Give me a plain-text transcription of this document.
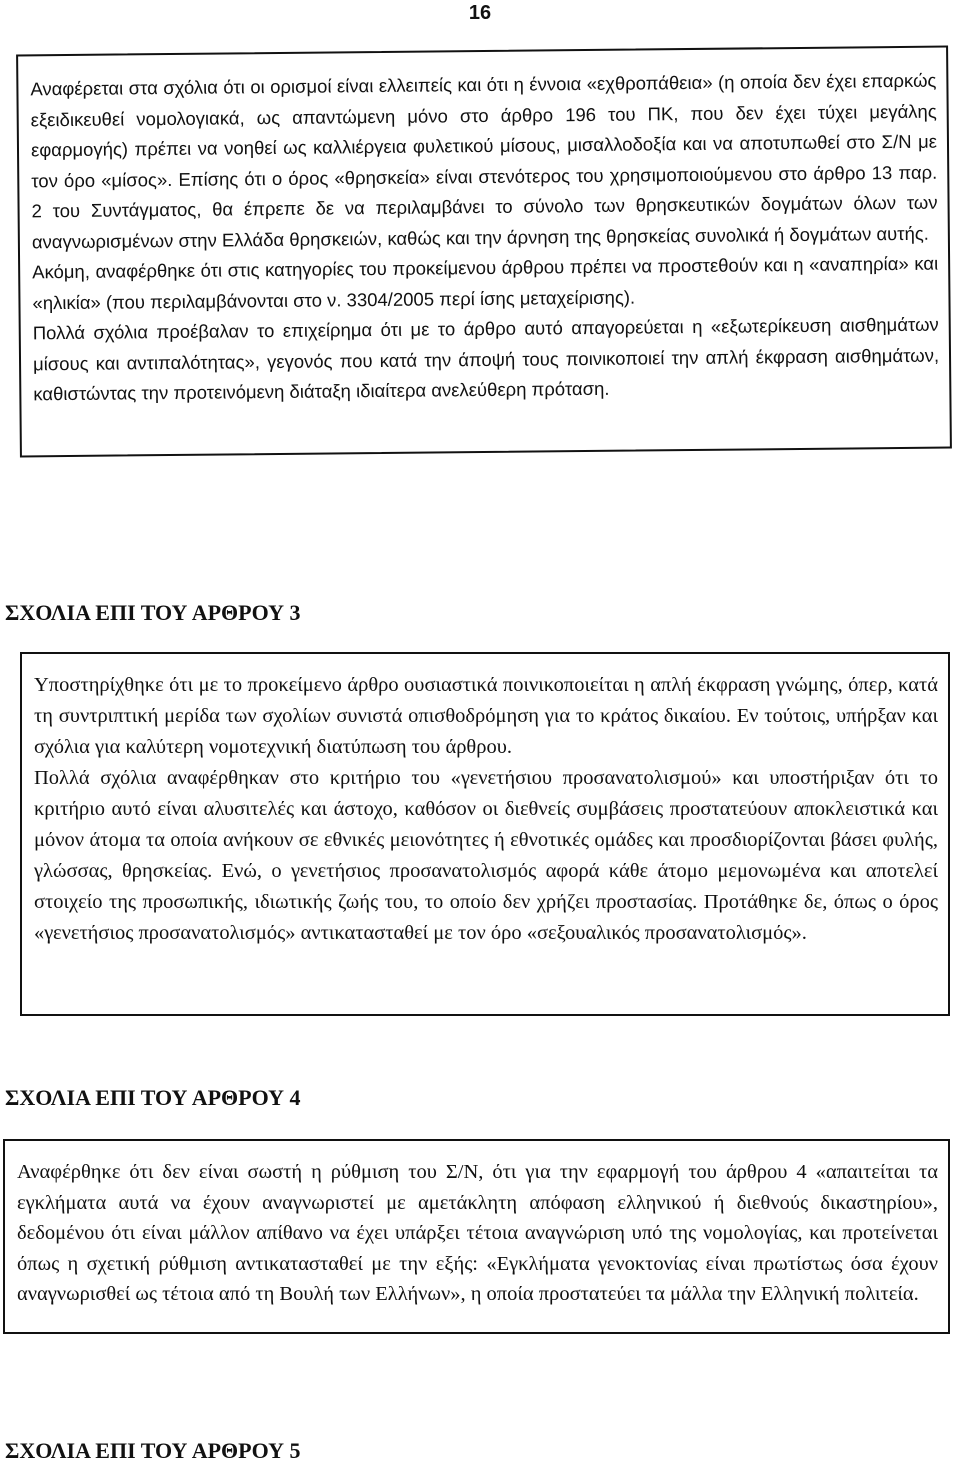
16

Αναφέρεται στα σχόλια ότι οι ορισμοί είναι ελλειπείς και ότι η έννοια «εχθροπάθεια» (η οποία δεν έχει επαρκώς εξειδικευθεί νομολογιακά, ως απαντώμενη μόνο στο άρθρο 196 του ΠΚ, που δεν έχει τύχει μεγάλης εφαρμογής) πρέπει να νοηθεί ως καλλιέργεια φυλετικού μίσους, μισαλλοδοξία και να αποτυπωθεί στο Σ/Ν με τον όρο «μίσος». Επίσης ότι ο όρος «θρησκεία» είναι στενότερος του χρησιμοποιούμενου στο άρθρο 13 παρ. 2 του Συντάγματος, θα έπρεπε δε να περιλαμβάνει το σύνολο των θρησκευτικών δογμάτων όλων των αναγνωρισμένων στην Ελλάδα θρησκειών, καθώς και την άρνηση της θρησκείας συνολικά ή δογμάτων αυτής.

Ακόμη, αναφέρθηκε ότι στις κατηγορίες του προκείμενου άρθρου πρέπει να προστεθούν και η «αναπηρία» και «ηλικία» (που περιλαμβάνονται στο ν. 3304/2005 περί ίσης μεταχείρισης).

Πολλά σχόλια προέβαλαν το επιχείρημα ότι με το άρθρο αυτό απαγορεύεται η «εξωτερίκευση αισθημάτων μίσους και αντιπαλότητας», γεγονός που κατά την άποψή τους ποινικοποιεί την απλή έκφραση αισθημάτων, καθιστώντας την προτεινόμενη διάταξη ιδιαίτερα ανελεύθερη πρόταση.

ΣΧΟΛΙΑ ΕΠΙ ΤΟΥ ΑΡΘΡΟΥ 3

Υποστηρίχθηκε ότι με το προκείμενο άρθρο ουσιαστικά ποινικοποιείται η απλή έκφραση γνώμης, όπερ, κατά τη συντριπτική μερίδα των σχολίων συνιστά οπισθοδρόμηση για το κράτος δικαίου. Εν τούτοις, υπήρξαν και σχόλια για καλύτερη νομοτεχνική διατύπωση του άρθρου.

Πολλά σχόλια αναφέρθηκαν στο κριτήριο του «γενετήσιου προσανατολισμού» και υποστήριξαν ότι το κριτήριο αυτό είναι αλυσιτελές και άστοχο, καθόσον οι διεθνείς συμβάσεις προστατεύουν αποκλειστικά και μόνον άτομα τα οποία ανήκουν σε εθνικές μειονότητες ή εθνοτικές ομάδες και προσδιορίζονται βάσει φυλής, γλώσσας, θρησκείας. Ενώ, ο γενετήσιος προσανατολισμός αφορά κάθε άτομο μεμονωμένα και αποτελεί στοιχείο της προσωπικής, ιδιωτικής ζωής του, το οποίο δεν χρήζει προστασίας. Προτάθηκε δε, όπως ο όρος «γενετήσιος προσανατολισμός» αντικατασταθεί με τον όρο «σεξουαλικός προσανατολισμός».

ΣΧΟΛΙΑ ΕΠΙ ΤΟΥ ΑΡΘΡΟΥ 4

Αναφέρθηκε ότι δεν είναι σωστή η ρύθμιση του Σ/Ν, ότι για την εφαρμογή του άρθρου 4 «απαιτείται τα εγκλήματα αυτά να έχουν αναγνωριστεί με αμετάκλητη απόφαση ελληνικού ή διεθνούς δικαστηρίου», δεδομένου ότι είναι μάλλον απίθανο να έχει υπάρξει τέτοια αναγνώριση υπό της νομολογίας, και προτείνεται όπως η σχετική ρύθμιση αντικατασταθεί με την εξής: «Εγκλήματα γενοκτονίας είναι πρωτίστως όσα έχουν αναγνωρισθεί ως τέτοια από τη Βουλή των Ελλήνων», η οποία προστατεύει τα μάλλα την Ελληνική πολιτεία.

ΣΧΟΛΙΑ ΕΠΙ ΤΟΥ ΑΡΘΡΟΥ 5
